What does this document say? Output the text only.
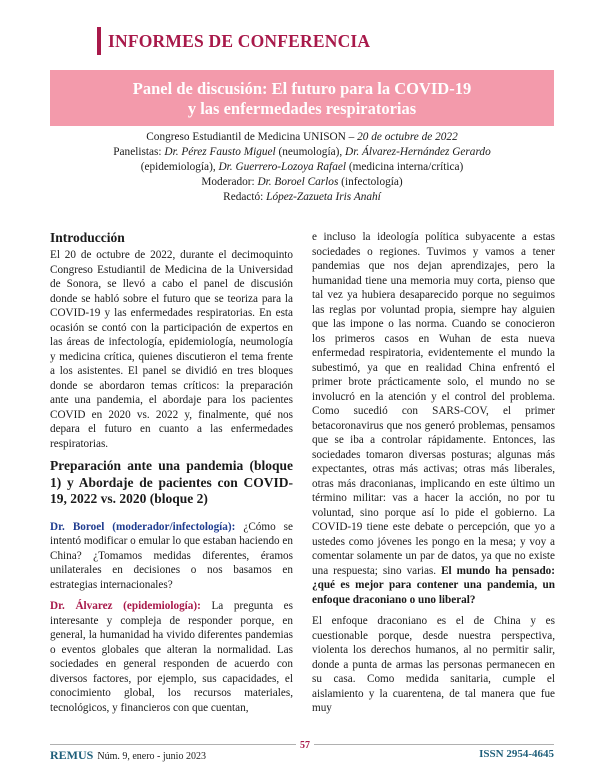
INFORMES DE CONFERENCIA
Panel de discusión: El futuro para la COVID-19
y las enfermedades respiratorias
Congreso Estudiantil de Medicina UNISON – 20 de octubre de 2022
Panelistas: Dr. Pérez Fausto Miguel (neumología), Dr. Álvarez-Hernández Gerardo
(epidemiología), Dr. Guerrero-Lozoya Rafael (medicina interna/crítica)
Moderador: Dr. Boroel Carlos (infectología)
Redactó: López-Zazueta Iris Anahí
Introducción

El 20 de octubre de 2022, durante el decimoquinto Congreso Estudiantil de Medicina de la Universidad de Sonora, se llevó a cabo el panel de discusión donde se habló sobre el futuro que se teoriza para la COVID-19 y las enfermedades respiratorias. En esta ocasión se contó con la participación de expertos en las áreas de infectología, epidemiología, neumología y medicina crítica, quienes discutieron el tema frente a los asistentes. El panel se dividió en tres bloques donde se abordaron temas críticos: la preparación ante una pandemia, el abordaje para los pacientes COVID en 2020 vs. 2022 y, finalmente, qué nos depara el futuro en cuanto a las enfermedades respiratorias.

Preparación ante una pandemia (bloque 1) y Abordaje de pacientes con COVID-19, 2022 vs. 2020 (bloque 2)

Dr. Boroel (moderador/infectología): ¿Cómo se intentó modificar o emular lo que estaban haciendo en China? ¿Tomamos medidas diferentes, éramos unilaterales en decisiones o nos basamos en estrategias internacionales?

Dr. Álvarez (epidemiología): La pregunta es interesante y compleja de responder porque, en general, la humanidad ha vivido diferentes pandemias o eventos globales que alteran la normalidad. Las sociedades en general responden de acuerdo con diversos factores, por ejemplo, sus capacidades, el conocimiento global, los recursos materiales, tecnológicos, y financieros con que cuentan,

e incluso la ideología política subyacente a estas sociedades o regiones. Tuvimos y vamos a tener pandemias que nos dejan aprendizajes, pero la humanidad tiene una memoria muy corta, pienso que tal vez ya hubiera desaparecido porque no seguimos las reglas por voluntad propia, siempre hay alguien que las impone o las norma. Cuando se conocieron los primeros casos en Wuhan de esta nueva enfermedad respiratoria, evidentemente el mundo la subestimó, ya que en realidad China enfrentó el primer brote prácticamente solo, el mundo no se involucró en la atención y el control del problema. Como sucedió con SARS-COV, el primer betacoronavirus que nos generó problemas, pensamos que se iba a controlar rápidamente. Entonces, las sociedades tomaron diversas posturas; algunas más expectantes, otras más activas; otras más liberales, otras más draconianas, implicando en este último un término militar: vas a hacer la acción, no por tu voluntad, sino porque así lo pide el gobierno. La COVID-19 tiene este debate o percepción, que yo a ustedes como jóvenes les pongo en la mesa; y voy a comentar solamente un par de datos, ya que no existe una respuesta; sino varias. El mundo ha pensado: ¿qué es mejor para contener una pandemia, un enfoque draconiano o uno liberal?

El enfoque draconiano es el de China y es cuestionable porque, desde nuestra perspectiva, violenta los derechos humanos, al no permitir salir, donde a punta de armas las personas permanecen en su casa. Como medida sanitaria, cumple el aislamiento y la cuarentena, de tal manera que fue muy

REMUS Núm. 9, enero - junio 2023
57
ISSN 2954-4645
